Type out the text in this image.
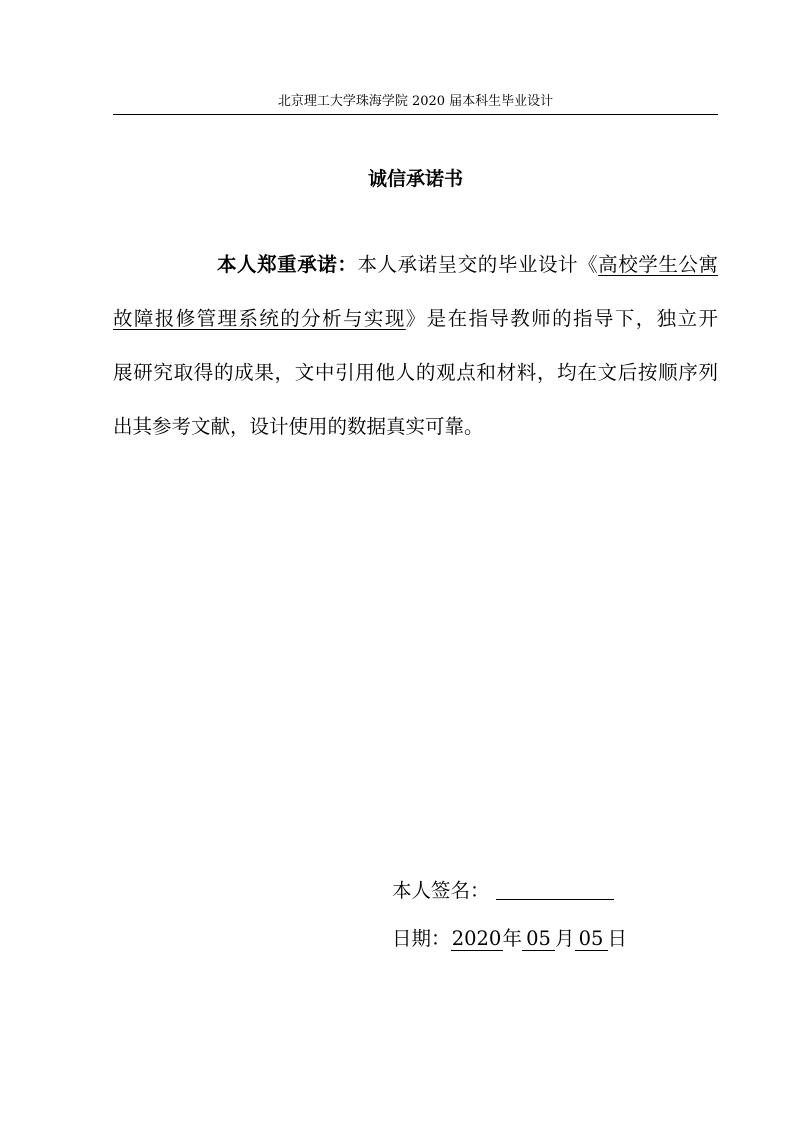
北京理工大学珠海学院 2020 届本科生毕业设计
诚信承诺书
本人郑重承诺：本人承诺呈交的毕业设计《高校学生公寓
故障报修管理系统的分析与实现》是在指导教师的指导下，独立开
展研究取得的成果，文中引用他人的观点和材料，均在文后按顺序列
出其参考文献，设计使用的数据真实可靠。
本人签名：
日期：2020年 05 月 05 日
